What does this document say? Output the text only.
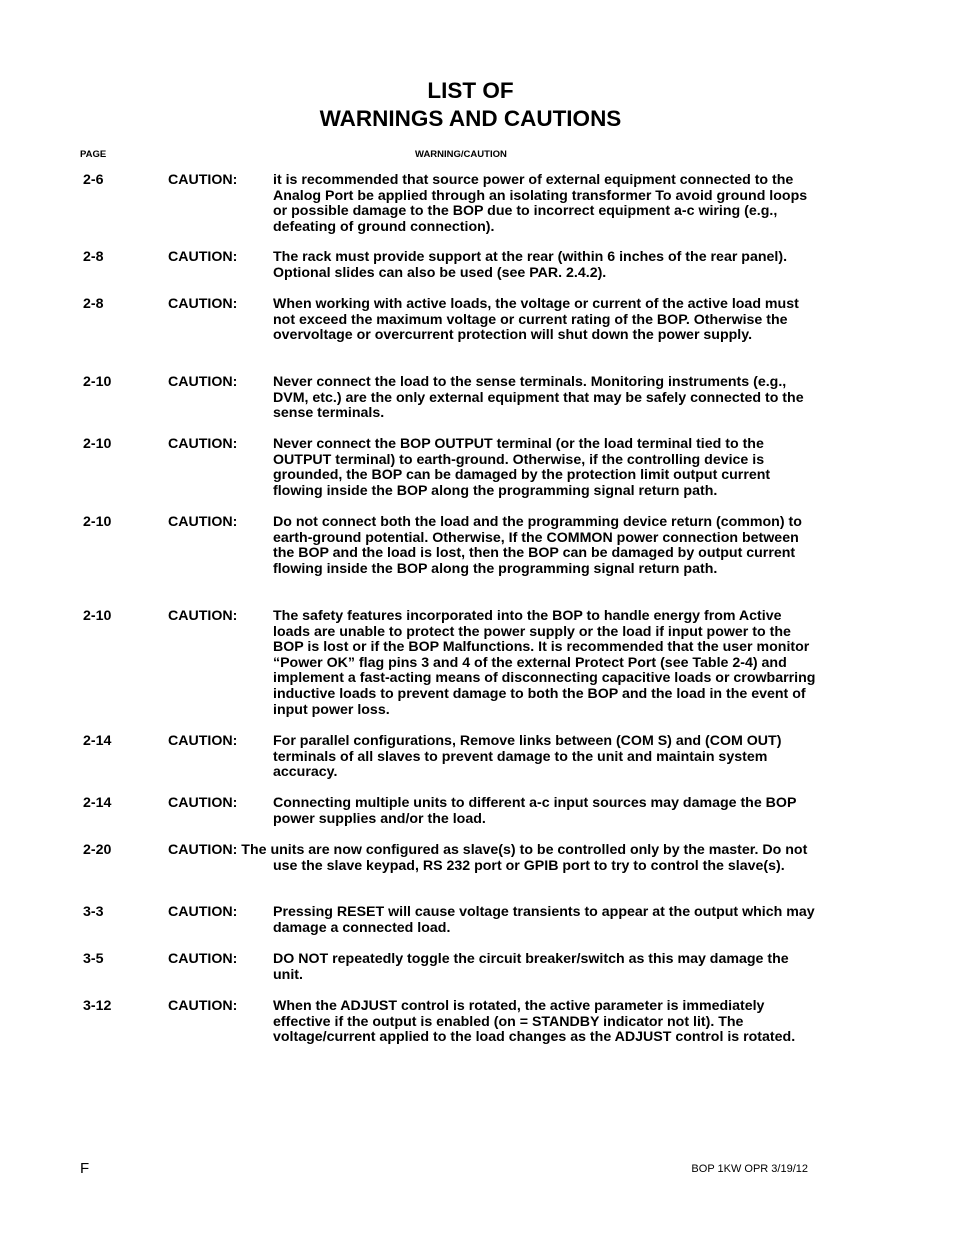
LIST OF
WARNINGS AND CAUTIONS
PAGE	WARNING/CAUTION
2-6	CAUTION:	it is recommended that source power of external equipment connected to the Analog Port be applied through an isolating transformer To avoid ground loops or possible damage to the BOP due to incorrect equipment a-c wiring (e.g., defeating of ground connection).
2-8	CAUTION:	The rack must provide support at the rear (within 6 inches of the rear panel). Optional slides can also be used (see PAR. 2.4.2).
2-8	CAUTION:	When working with active loads, the voltage or current of the active load must not exceed the maximum voltage or current rating of the BOP. Otherwise the overvoltage or overcurrent protection will shut down the power supply.
2-10	CAUTION:	Never connect the load to the sense terminals. Monitoring instruments (e.g., DVM, etc.) are the only external equipment that may be safely connected to the sense terminals.
2-10	CAUTION:	Never connect the BOP OUTPUT terminal (or the load terminal tied to the OUTPUT terminal) to earth-ground. Otherwise, if the controlling device is grounded, the BOP can be damaged by the protection limit output current flowing inside the BOP along the programming signal return path.
2-10	CAUTION:	Do not connect both the load and the programming device return (common) to earth-ground potential. Otherwise, If the COMMON power connection between the BOP and the load is lost, then the BOP can be damaged by output current flowing inside the BOP along the programming signal return path.
2-10	CAUTION:	The safety features incorporated into the BOP to handle energy from Active loads are unable to protect the power supply or the load if input power to the BOP is lost or if the BOP Malfunctions. It is recommended that the user monitor “Power OK” flag pins 3 and 4 of the external Protect Port (see Table 2-4) and implement a fast-acting means of disconnecting capacitive loads or crowbarring inductive loads to prevent damage to both the BOP and the load in the event of input power loss.
2-14	CAUTION:	For parallel configurations, Remove links between (COM S) and (COM OUT) terminals of all slaves to prevent damage to the unit and maintain system accuracy.
2-14	CAUTION:	Connecting multiple units to different a-c input sources may damage the BOP power supplies and/or the load.
2-20	CAUTION: The units are now configured as slave(s) to be controlled only by the master. Do not use the slave keypad, RS 232 port or GPIB port to try to control the slave(s).
3-3	CAUTION:	Pressing RESET will cause voltage transients to appear at the output which may damage a connected load.
3-5	CAUTION:	DO NOT repeatedly toggle the circuit breaker/switch as this may damage the unit.
3-12	CAUTION:	When the ADJUST control is rotated, the active parameter is immediately effective if the output is enabled (on = STANDBY indicator not lit). The voltage/current applied to the load changes as the ADJUST control is rotated.
F	BOP 1KW OPR 3/19/12
